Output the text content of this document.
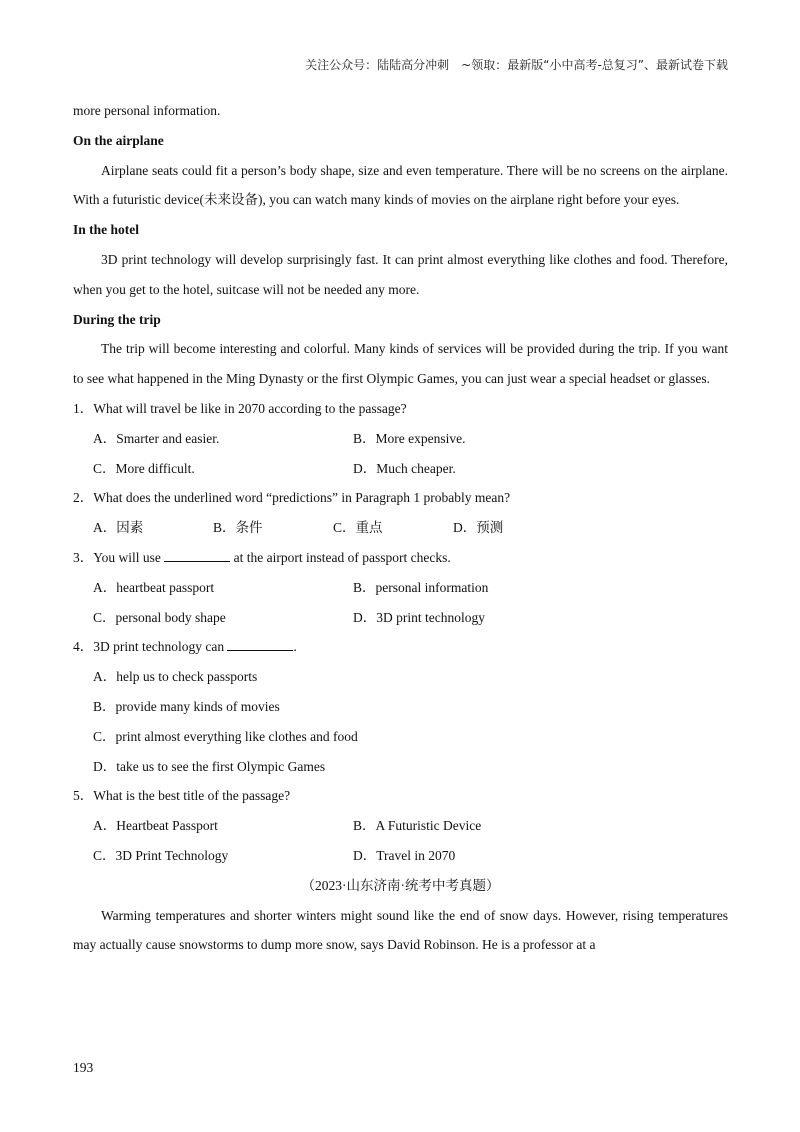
关注公众号：陆陆高分冲刺　~领取：最新版“小中高考-总复习”、最新试卷下载
more personal information.
On the airplane
Airplane seats could fit a person’s body shape, size and even temperature. There will be no screens on the airplane. With a futuristic device(未来设备), you can watch many kinds of movies on the airplane right before your eyes.
In the hotel
3D print technology will develop surprisingly fast. It can print almost everything like clothes and food. Therefore, when you get to the hotel, suitcase will not be needed any more.
During the trip
The trip will become interesting and colorful. Many kinds of services will be provided during the trip. If you want to see what happened in the Ming Dynasty or the first Olympic Games, you can just wear a special headset or glasses.
1．What will travel be like in 2070 according to the passage?
A．Smarter and easier.	B．More expensive.
C．More difficult.	D．Much cheaper.
2．What does the underlined word “predictions” in Paragraph 1 probably mean?
A．因素	B．条件	C．重点	D．预测
3．You will use	at the airport instead of passport checks.
A．heartbeat passport	B．personal information
C．personal body shape	D．3D print technology
4．3D print technology can	.
A．help us to check passports
B．provide many kinds of movies
C．print almost everything like clothes and food
D．take us to see the first Olympic Games
5．What is the best title of the passage?
A．Heartbeat Passport	B．A Futuristic Device
C．3D Print Technology	D．Travel in 2070
（2023·山东济南·统考中考真题）
Warming temperatures and shorter winters might sound like the end of snow days. However, rising temperatures may actually cause snowstorms to dump more snow, says David Robinson. He is a professor at a
193
